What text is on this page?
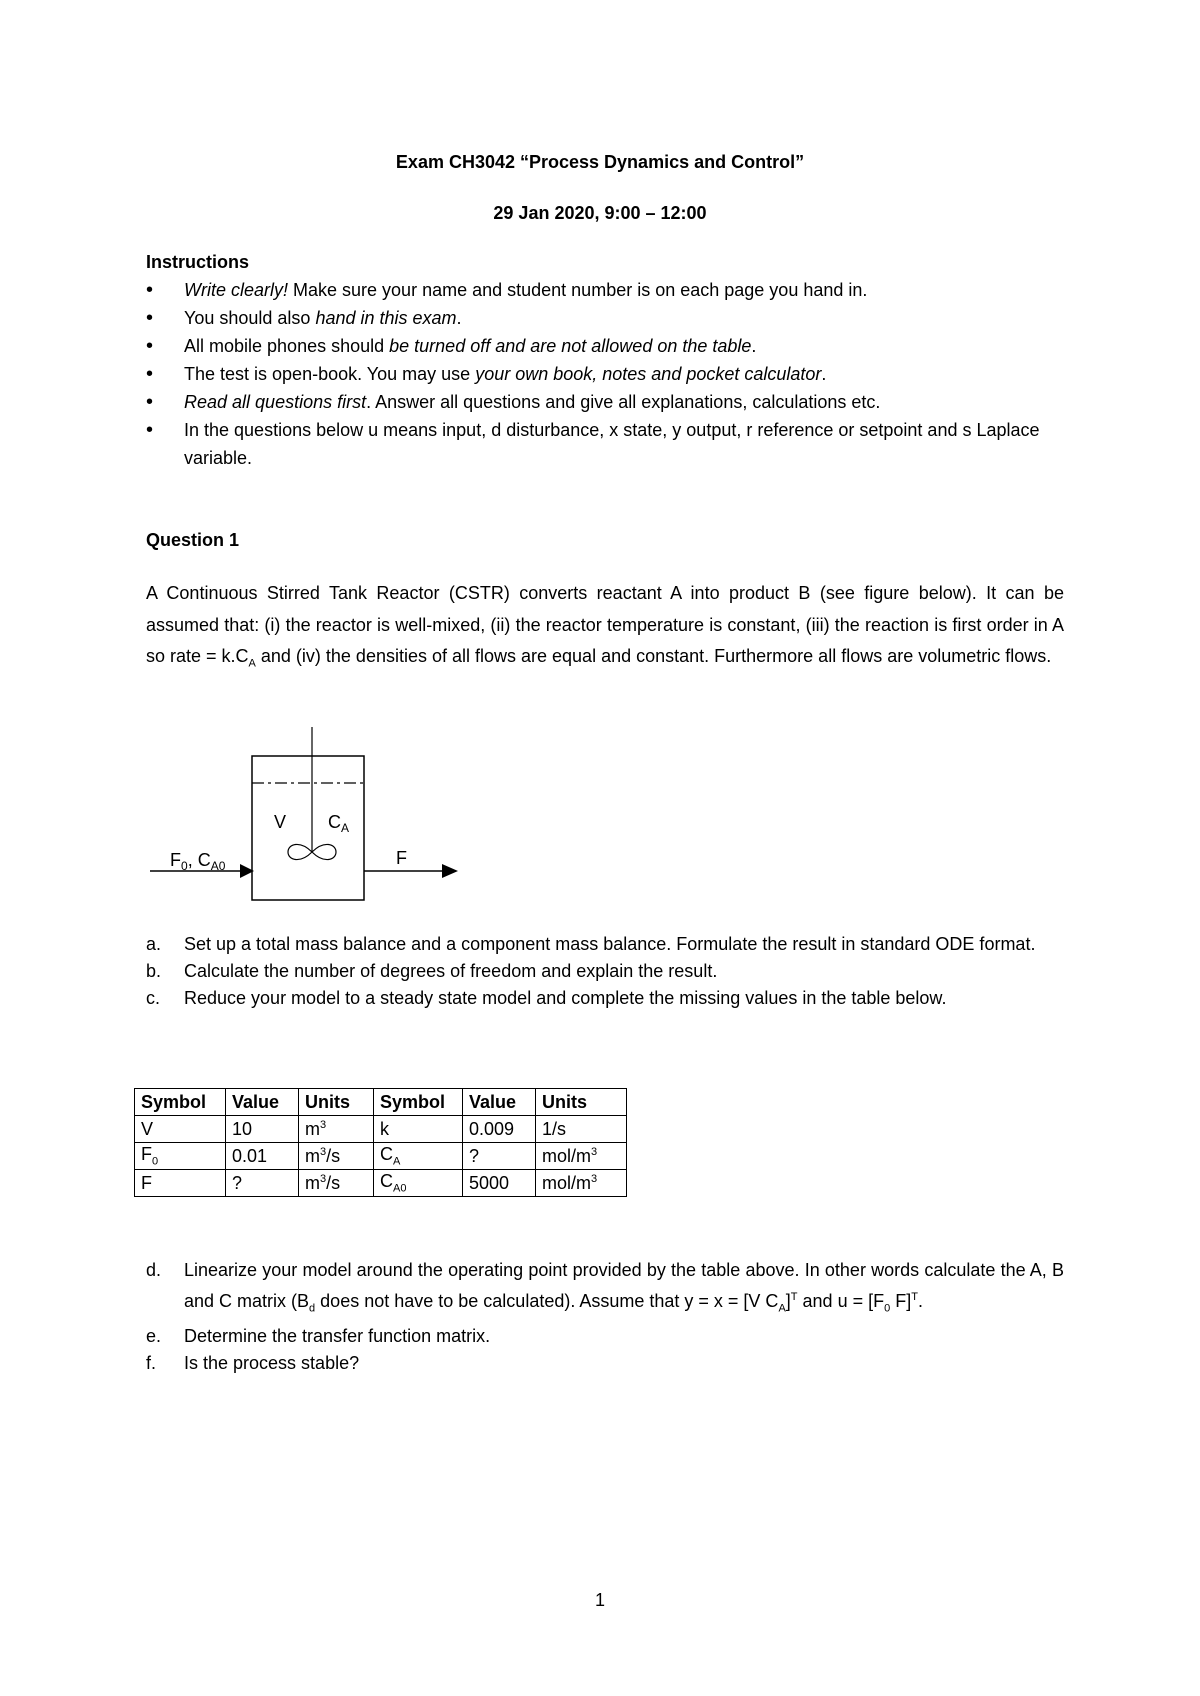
Exam CH3042 “Process Dynamics and Control”
29 Jan 2020, 9:00 – 12:00
Instructions
• Write clearly! Make sure your name and student number is on each page you hand in.
• You should also hand in this exam.
• All mobile phones should be turned off and are not allowed on the table.
• The test is open-book. You may use your own book, notes and pocket calculator.
• Read all questions first. Answer all questions and give all explanations, calculations etc.
• In the questions below u means input, d disturbance, x state, y output, r reference or setpoint and s Laplace variable.
Question 1

A Continuous Stirred Tank Reactor (CSTR) converts reactant A into product B (see figure below). It can be assumed that: (i) the reactor is well-mixed, (ii) the reactor temperature is constant, (iii) the reaction is first order in A so rate = $k.C_A$ and (iv) the densities of all flows are equal and constant. Furthermore all flows are volumetric flows.

V $C_A$
$F_0$, $C_{A0}$	F
a. Set up a total mass balance and a component mass balance. Formulate the result in standard ODE format.
b. Calculate the number of degrees of freedom and explain the result.
c. Reduce your model to a steady state model and complete the missing values in the table below.
Symbol	Value	Units	Symbol	Value	Units
V	10	$m^3$	k	0.009	1/s
$F_0$	0.01	$m^3/s$	$C_A$	?	mol/$m^3$
F	?	$m^3/s$	$C_{A0}$	5000	mol/$m^3$
d. Linearize your model around the operating point provided by the table above. In other words calculate the A, B and C matrix ($B_d$ does not have to be calculated). Assume that y = x = [V $C_A]^T$ and $u = [F_0$ F]$^T$.
e. Determine the transfer function matrix.
f. Is the process stable?
1
